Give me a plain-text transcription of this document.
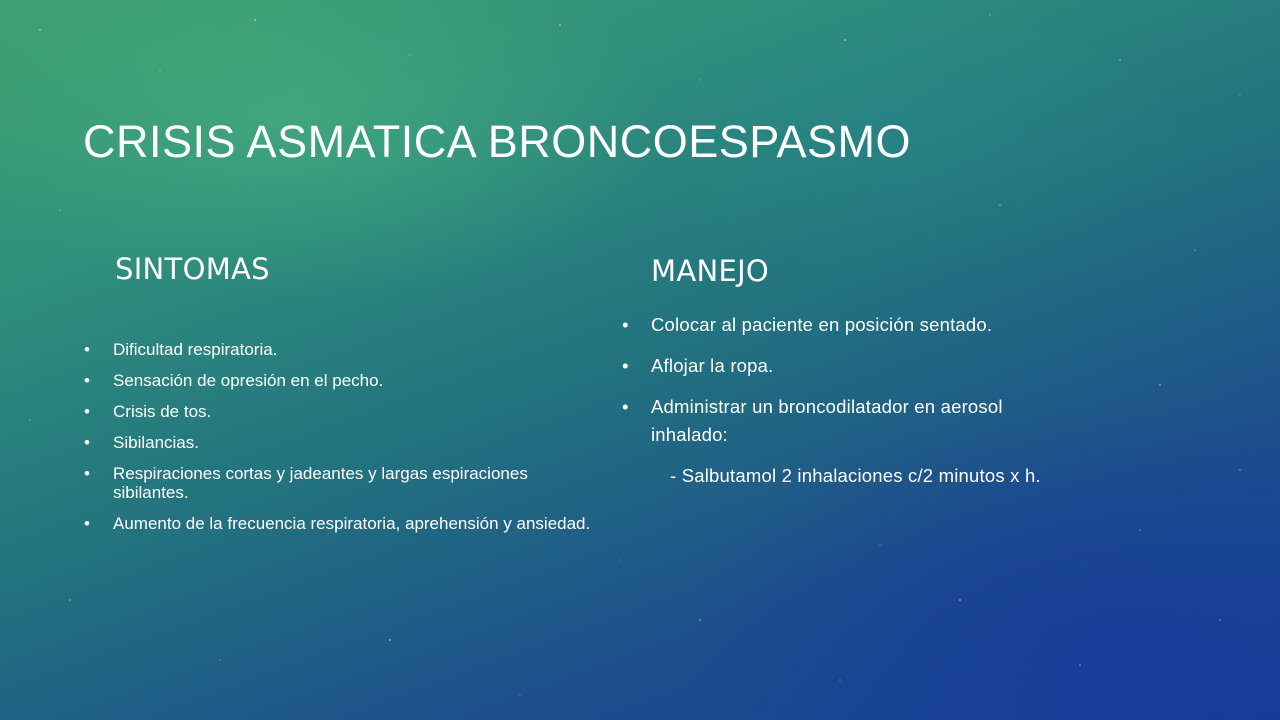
CRISIS ASMATICA BRONCOESPASMO
SINTOMAS
• Dificultad respiratoria.
• Sensación de opresión en el pecho.
• Crisis de tos.
• Sibilancias.
• Respiraciones cortas y jadeantes y largas espiraciones sibilantes.
• Aumento de la frecuencia respiratoria, aprehensión y ansiedad.
MANEJO
• Colocar al paciente en posición sentado.
• Aflojar la ropa.
• Administrar un broncodilatador en aerosol inhalado:
- Salbutamol 2 inhalaciones c/2 minutos x h.
